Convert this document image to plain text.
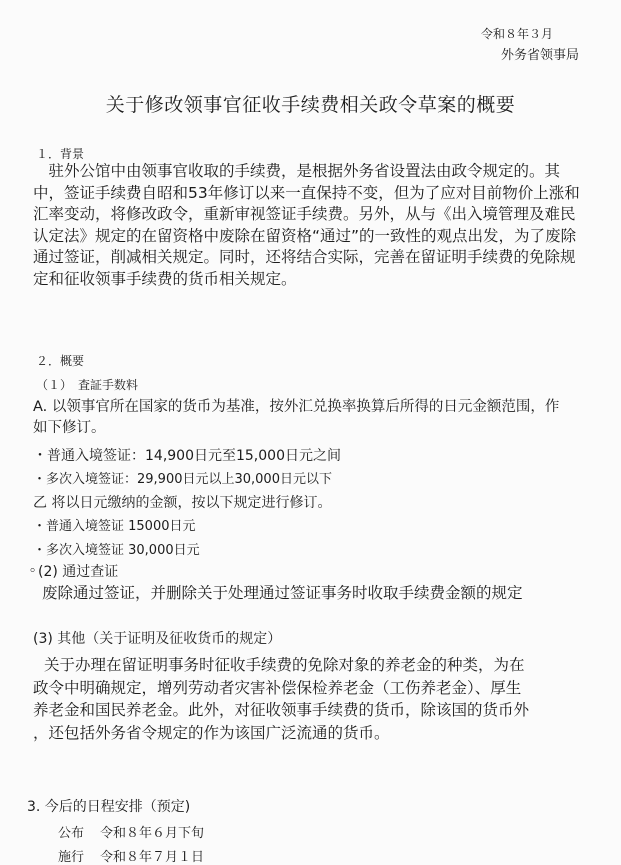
令和８年３月
外务省领事局
关于修改领事官征收手续费相关政令草案的概要
１．背景
驻外公馆中由领事官收取的手续费，是根据外务省设置法由政令规定的。其中，签证手续费自昭和53年修订以来一直保持不变，但为了应对目前物价上涨和汇率变动，将修改政令，重新审视签证手续费。另外，从与《出入境管理及难民认定法》规定的在留资格中废除在留资格“通过”的一致性的观点出发，为了废除通过签证，削减相关规定。同时，还将结合实际，完善在留证明手续费的免除规定和征收领事手续费的货币相关规定。
２．概要
（１）　査証手数料
A. 以领事官所在国家的货币为基准，按外汇兑换率换算后所得的日元金额范围，作如下修订。
・普通入境签证：14,900日元至15,000日元之间
・多次入境签证：29,900日元以上30,000日元以下
乙 将以日元缴纳的金额，按以下规定进行修订。
・普通入境签证 15000日元
・多次入境签证 30,000日元
。
(2) 通过查证
废除通过签证，并删除关于处理通过签证事务时收取手续费金额的规定
(3) 其他（关于证明及征收货币的规定）
关于办理在留证明事务时征收手续费的免除对象的养老金的种类，为在
政令中明确规定，增列劳动者灾害补偿保检养老金（工伤养老金）、厚生
养老金和国民养老金。此外，对征收领事手续费的货币，除该国的货币外
，还包括外务省令规定的作为该国广泛流通的货币。
3. 今后的日程安排（预定)
公布 令和８年６月下旬
施行 令和８年７月１日
